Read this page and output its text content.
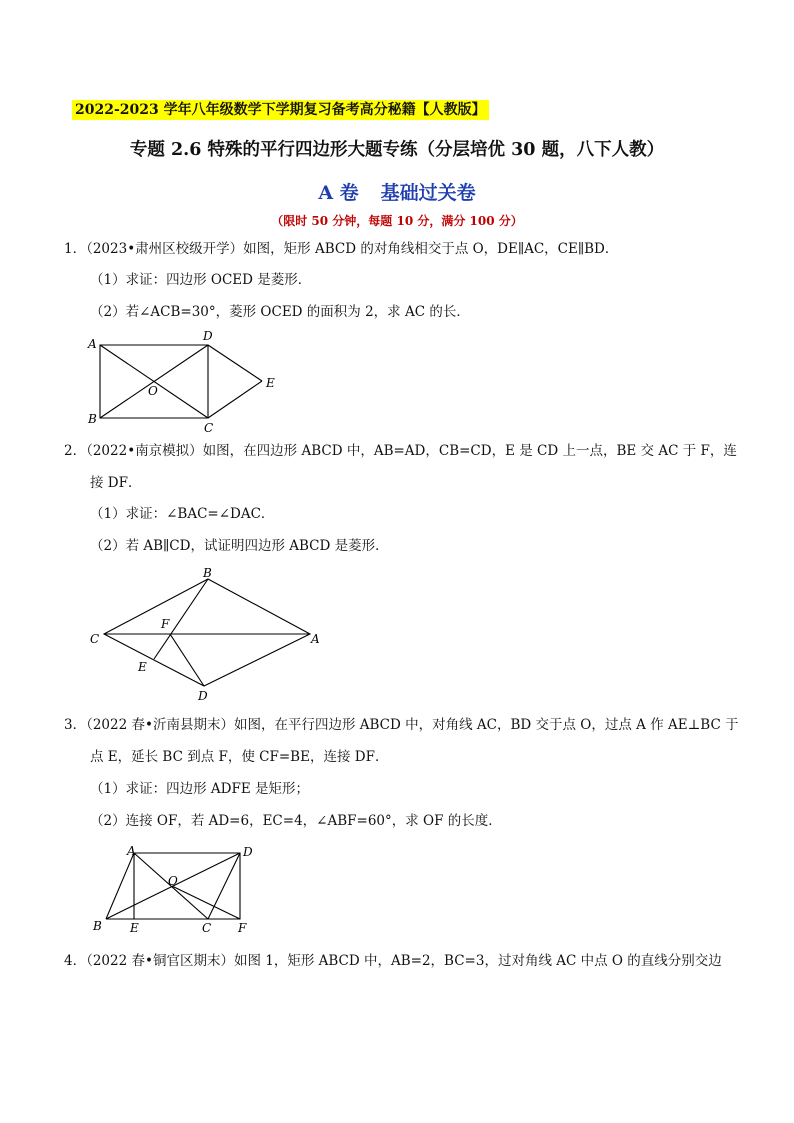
2022-2023 学年八年级数学下学期复习备考高分秘籍【人教版】
专题 2.6 特殊的平行四边形大题专练（分层培优 30 题，八下人教）
A 卷 基础过关卷
（限时 50 分钟，每题 10 分，满分 100 分）
1．（2023•肃州区校级开学）如图，矩形 ABCD 的对角线相交于点 O，DE∥AC，CE∥BD．
（1）求证：四边形 OCED 是菱形．
（2）若∠ACB=30°，菱形 OCED 的面积为 2，求 AC 的长．
A
D
E
O
B
C
2．（2022•南京模拟）如图，在四边形 ABCD 中，AB=AD，CB=CD，E 是 CD 上一点，BE 交 AC 于 F，连
接 DF．
（1）求证：∠BAC=∠DAC．
（2）若 AB∥CD，试证明四边形 ABCD 是菱形．
B
F
C	A
E
D
3．（2022 春•沂南县期末）如图，在平行四边形 ABCD 中，对角线 AC，BD 交于点 O，过点 A 作 AE⊥BC 于
点 E，延长 BC 到点 F，使 CF=BE，连接 DF．
（1）求证：四边形 ADFE 是矩形；
（2）连接 OF，若 AD=6，EC=4，∠ABF=60°，求 OF 的长度．
A	D
O
B E	C F
4．（2022 春•铜官区期末）如图 1，矩形 ABCD 中，AB=2，BC=3，过对角线 AC 中点 O 的直线分别交边
